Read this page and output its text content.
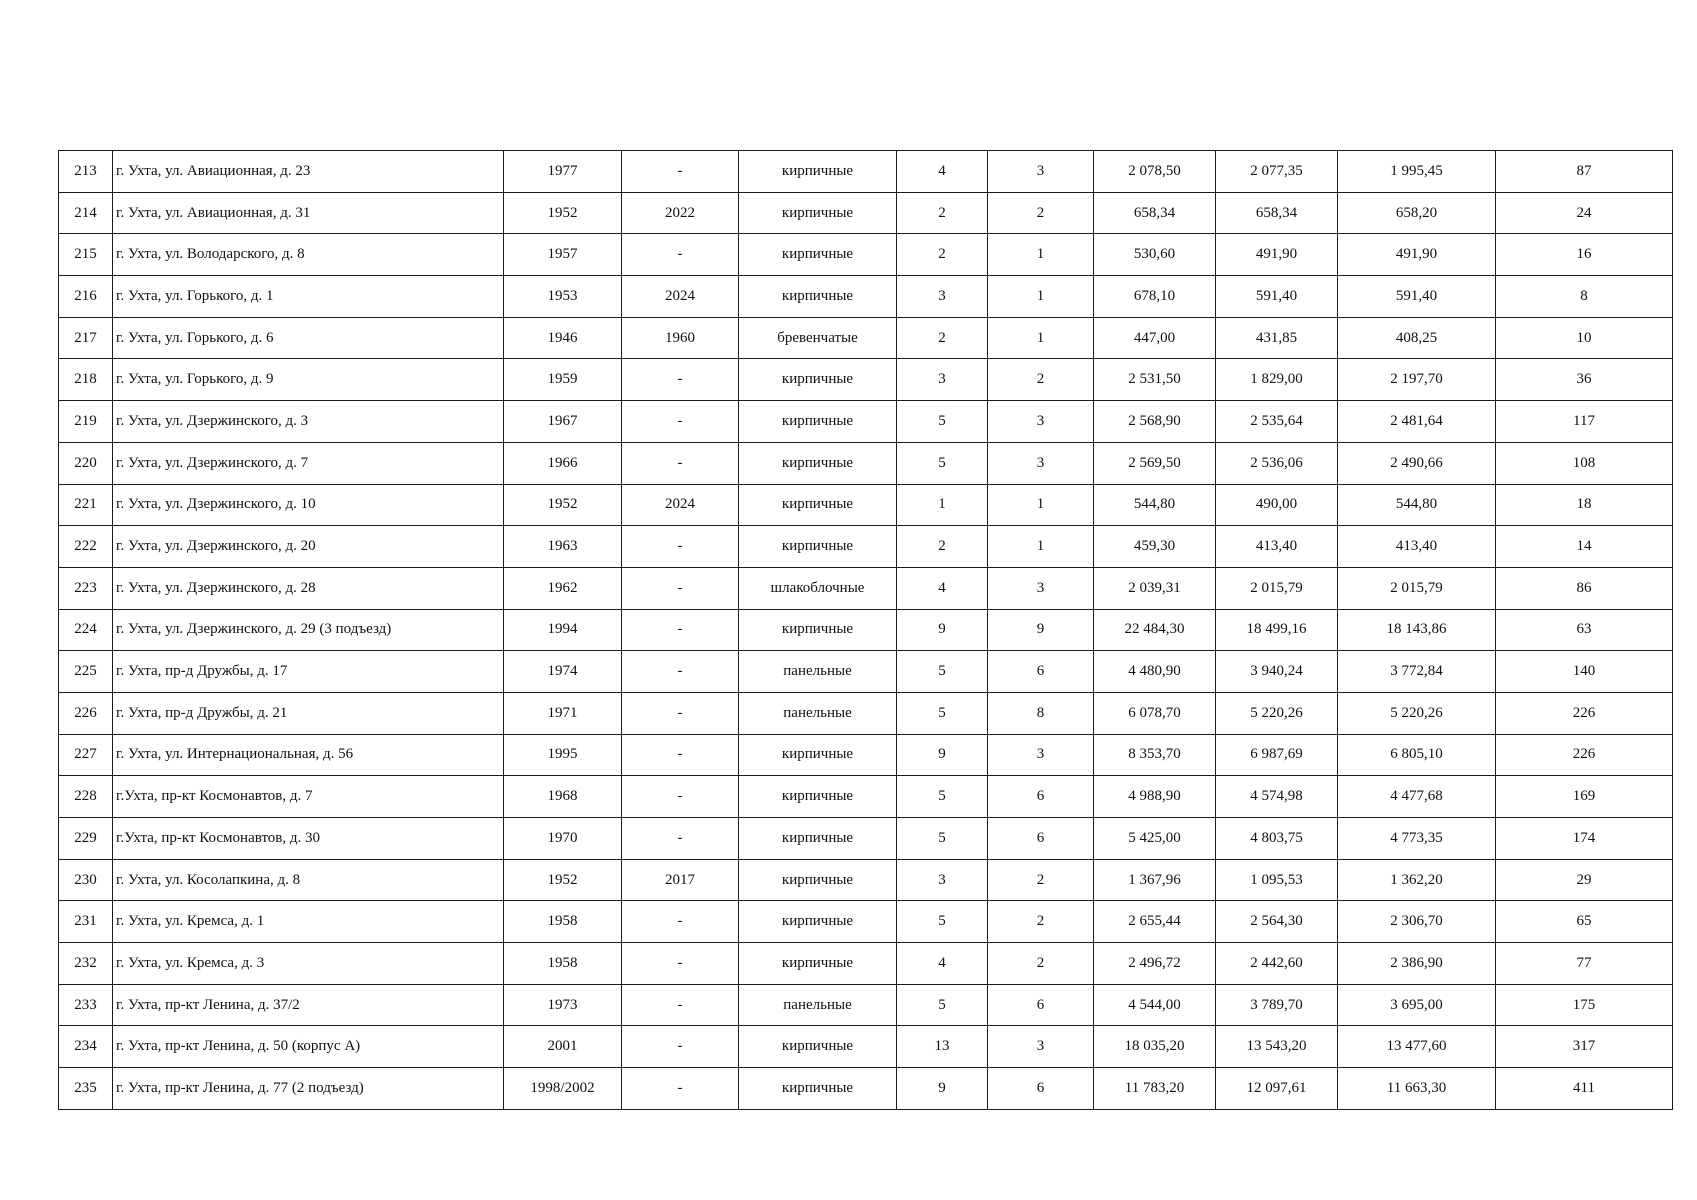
213	г. Ухта, ул. Авиационная, д. 23	1977	-	кирпичные	4	3	2 078,50	2 077,35	1 995,45	87
214	г. Ухта, ул. Авиационная, д. 31	1952	2022	кирпичные	2	2	658,34	658,34	658,20	24
215	г. Ухта, ул. Володарского, д. 8	1957	-	кирпичные	2	1	530,60	491,90	491,90	16
216	г. Ухта, ул. Горького, д. 1	1953	2024	кирпичные	3	1	678,10	591,40	591,40	8
217	г. Ухта, ул. Горького, д. 6	1946	1960	бревенчатые	2	1	447,00	431,85	408,25	10
218	г. Ухта, ул. Горького, д. 9	1959	-	кирпичные	3	2	2 531,50	1 829,00	2 197,70	36
219	г. Ухта, ул. Дзержинского, д. 3	1967	-	кирпичные	5	3	2 568,90	2 535,64	2 481,64	117
220	г. Ухта, ул. Дзержинского, д. 7	1966	-	кирпичные	5	3	2 569,50	2 536,06	2 490,66	108
221	г. Ухта, ул. Дзержинского, д. 10	1952	2024	кирпичные	1	1	544,80	490,00	544,80	18
222	г. Ухта, ул. Дзержинского, д. 20	1963	-	кирпичные	2	1	459,30	413,40	413,40	14
223	г. Ухта, ул. Дзержинского, д. 28	1962	-	шлакоблочные	4	3	2 039,31	2 015,79	2 015,79	86
224	г. Ухта, ул. Дзержинского, д. 29 (3 подъезд)	1994	-	кирпичные	9	9	22 484,30	18 499,16	18 143,86	63
225	г. Ухта, пр-д Дружбы, д. 17	1974	-	панельные	5	6	4 480,90	3 940,24	3 772,84	140
226	г. Ухта, пр-д Дружбы, д. 21	1971	-	панельные	5	8	6 078,70	5 220,26	5 220,26	226
227	г. Ухта, ул. Интернациональная, д. 56	1995	-	кирпичные	9	3	8 353,70	6 987,69	6 805,10	226
228	г.Ухта, пр-кт Космонавтов, д. 7	1968	-	кирпичные	5	6	4 988,90	4 574,98	4 477,68	169
229	г.Ухта, пр-кт Космонавтов, д. 30	1970	-	кирпичные	5	6	5 425,00	4 803,75	4 773,35	174
230	г. Ухта, ул. Косолапкина, д. 8	1952	2017	кирпичные	3	2	1 367,96	1 095,53	1 362,20	29
231	г. Ухта, ул. Кремса, д. 1	1958	-	кирпичные	5	2	2 655,44	2 564,30	2 306,70	65
232	г. Ухта, ул. Кремса, д. 3	1958	-	кирпичные	4	2	2 496,72	2 442,60	2 386,90	77
233	г. Ухта, пр-кт Ленина, д. 37/2	1973	-	панельные	5	6	4 544,00	3 789,70	3 695,00	175
234	г. Ухта, пр-кт Ленина, д. 50 (корпус А)	2001	-	кирпичные	13	3	18 035,20	13 543,20	13 477,60	317
235	г. Ухта, пр-кт Ленина, д. 77 (2 подъезд)	1998/2002	-	кирпичные	9	6	11 783,20	12 097,61	11 663,30	411
